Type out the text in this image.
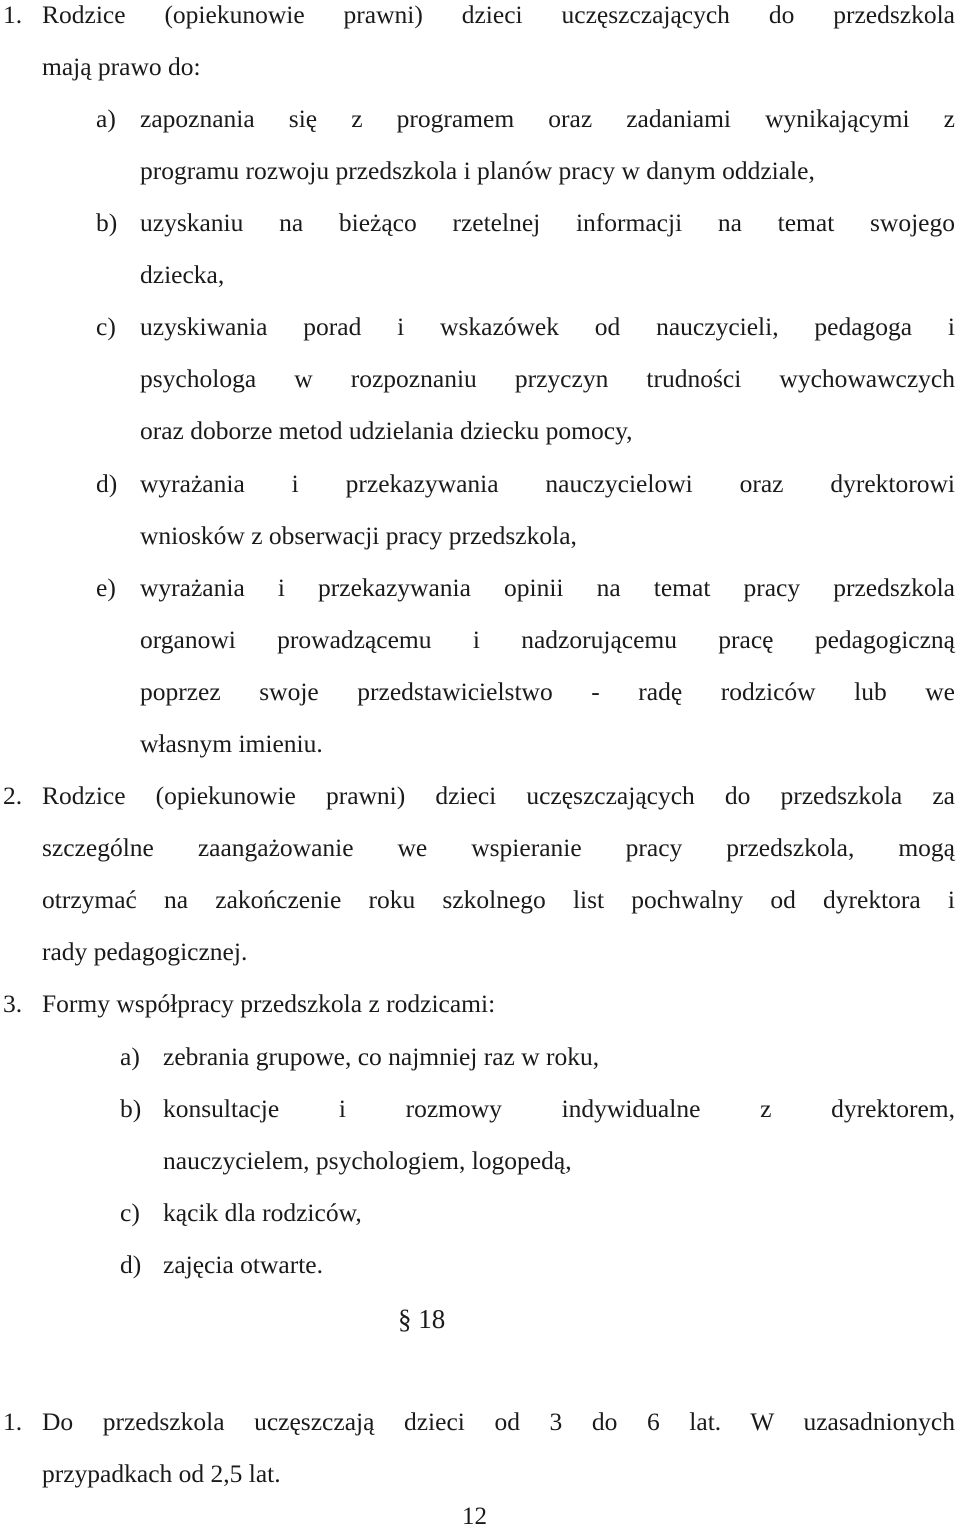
1. Rodzice (opiekunowie prawni) dzieci uczęszczających do przedszkola
mają prawo do:
a) zapoznania się z programem oraz zadaniami wynikającymi z
programu rozwoju przedszkola i planów pracy w danym oddziale,
b) uzyskaniu na bieżąco rzetelnej informacji na temat swojego
dziecka,
c) uzyskiwania porad i wskazówek od nauczycieli, pedagoga i
psychologa w rozpoznaniu przyczyn trudności wychowawczych
oraz doborze metod udzielania dziecku pomocy,
d) wyrażania i przekazywania nauczycielowi oraz dyrektorowi
wniosków z obserwacji pracy przedszkola,
e) wyrażania i przekazywania opinii na temat pracy przedszkola
organowi prowadzącemu i nadzorującemu pracę pedagogiczną
poprzez swoje przedstawicielstwo - radę rodziców lub we
własnym imieniu.
2. Rodzice (opiekunowie prawni) dzieci uczęszczających do przedszkola za
szczególne zaangażowanie we wspieranie pracy przedszkola, mogą
otrzymać na zakończenie roku szkolnego list pochwalny od dyrektora i
rady pedagogicznej.
3. Formy współpracy przedszkola z rodzicami:
a) zebrania grupowe, co najmniej raz w roku,
b) konsultacje i rozmowy indywidualne z dyrektorem,
nauczycielem, psychologiem, logopedą,
c) kącik dla rodziców,
d) zajęcia otwarte.
§ 18
1. Do przedszkola uczęszczają dzieci od 3 do 6 lat. W uzasadnionych
przypadkach od 2,5 lat.
12
